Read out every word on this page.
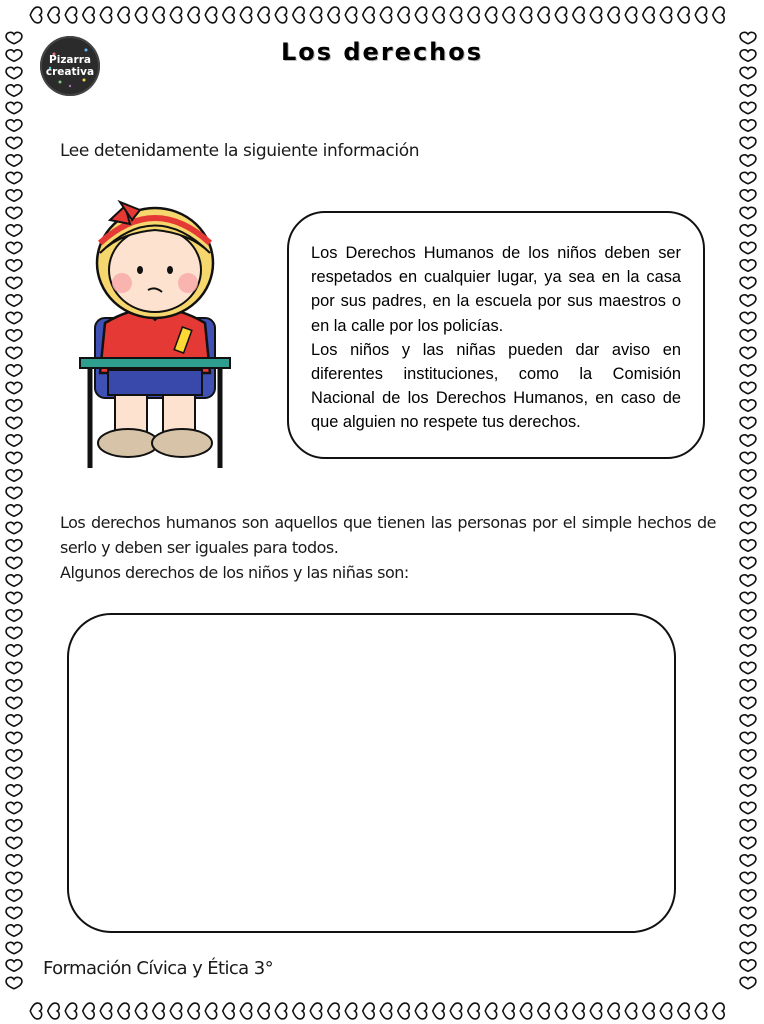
Pizarra
creativa
Los derechos
Lee detenidamente la siguiente información

Los Derechos Humanos de los niños deben ser respetados en cualquier lugar, ya sea en la casa por sus padres, en la escuela por sus maestros o en la calle por los policías.

Los niños y las niñas pueden dar aviso en diferentes instituciones, como la Comisión Nacional de los Derechos Humanos, en caso de que alguien no respete tus derechos.

Los derechos humanos son aquellos que tienen las personas por el simple hechos de serlo y deben ser iguales para todos.

Algunos derechos de los niños y las niñas son:

Formación Cívica y Ética 3°
